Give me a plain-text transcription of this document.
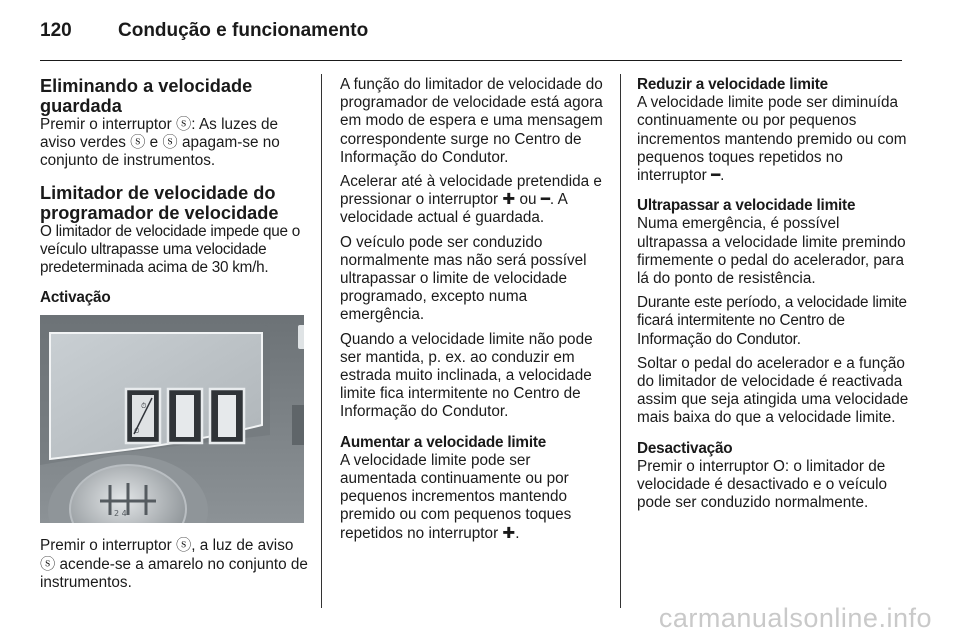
120	Condução e funcionamento
Eliminando a velocidade
guardada

Premir o interruptor ⓢ: As luzes de aviso verdes ⓢ e ⓢ apagam-se no conjunto de instrumentos.

Limitador de velocidade do
programador de velocidade

O limitador de velocidade impede que o veículo ultrapasse uma velocidade predeterminada acima de 30 km/h.

Activação
⏱
⏱
2 4

Premir o interruptor ⓢ, a luz de aviso ⓢ acende-se a amarelo no conjunto de instrumentos.

A função do limitador de velocidade do programador de velocidade está agora em modo de espera e uma mensagem correspondente surge no Centro de Informação do Condutor.

Acelerar até à velocidade pretendida e pressionar o interruptor ✚ ou ━. A velocidade actual é guardada.

O veículo pode ser conduzido normalmente mas não será possível ultrapassar o limite de velocidade programado, excepto numa emergência.

Quando a velocidade limite não pode ser mantida, p. ex. ao conduzir em estrada muito inclinada, a velocidade limite fica intermitente no Centro de Informação do Condutor.

Aumentar a velocidade limite

A velocidade limite pode ser aumentada continuamente ou por pequenos incrementos mantendo premido ou com pequenos toques repetidos no interruptor ✚.

Reduzir a velocidade limite

A velocidade limite pode ser diminuída continuamente ou por pequenos incrementos mantendo premido ou com pequenos toques repetidos no interruptor ━.

Ultrapassar a velocidade limite

Numa emergência, é possível ultrapassa a velocidade limite premindo firmemente o pedal do acelerador, para lá do ponto de resistência.

Durante este período, a velocidade limite ficará intermitente no Centro de Informação do Condutor.

Soltar o pedal do acelerador e a função do limitador de velocidade é reactivada assim que seja atingida uma velocidade mais baixa do que a velocidade limite.

Desactivação

Premir o interruptor O: o limitador de velocidade é desactivado e o veículo pode ser conduzido normalmente.

carmanualsonline.info
